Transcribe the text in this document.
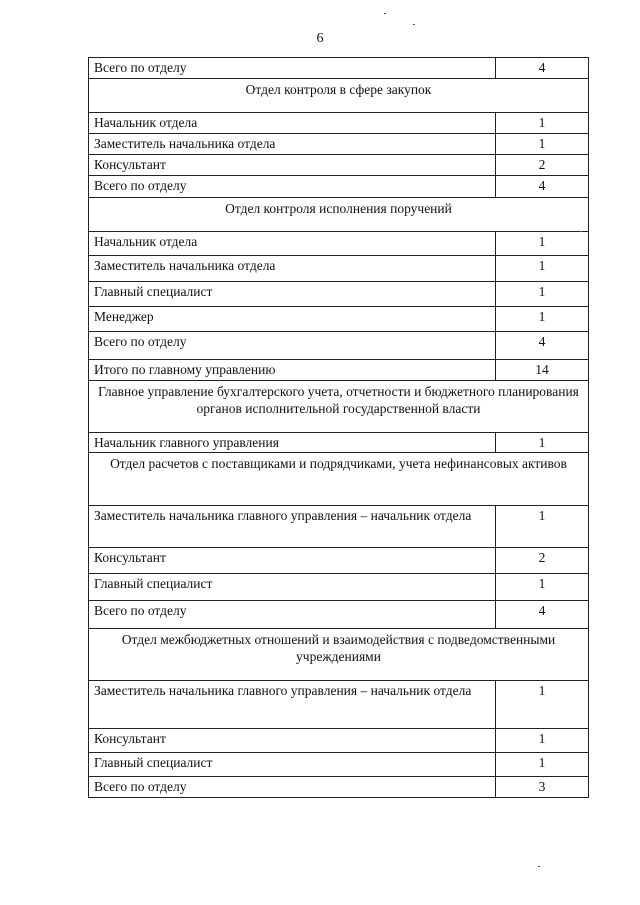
6
Всего по отделу	4
Отдел контроля в сфере закупок	
Начальник отдела	1
Заместитель начальника отдела	1
Консультант	2
Всего по отделу	4
Отдел контроля исполнения поручений	
Начальник отдела	1
Заместитель начальника отдела	1
Главный специалист	1
Менеджер	1
Всего по отделу	4
Итого по главному управлению	14
Главное управление бухгалтерского учета, отчетности и бюджетного планирования органов исполнительной государственной власти	
Начальник главного управления	1
Отдел расчетов с поставщиками и подрядчиками, учета нефинансовых активов	
Заместитель начальника главного управления – начальник отдела	1
Консультант	2
Главный специалист	1
Всего по отделу	4
Отдел межбюджетных отношений и взаимодействия с подведомственными учреждениями	
Заместитель начальника главного управления – начальник отдела	1
Консультант	1
Главный специалист	1
Всего по отделу	3
